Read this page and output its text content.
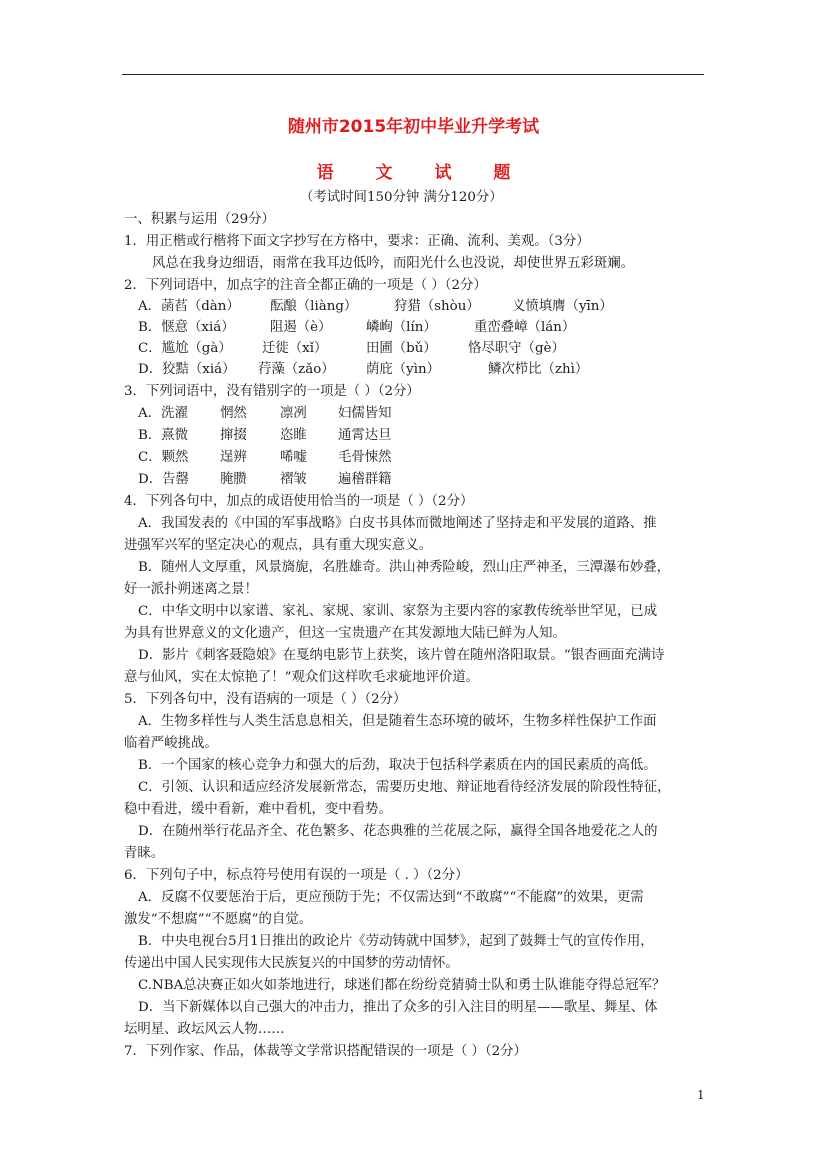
随州市2015年初中毕业升学考试
语 文 试 题
（考试时间150分钟 满分120分）
一、积累与运用（29分）
1．用正楷或行楷将下面文字抄写在方格中，要求：正确、流利、美观。（3分）
风总在我身边细语，雨常在我耳边低吟，而阳光什么也没说，却使世界五彩斑斓。
2．下列词语中，加点字的注音全都正确的一项是（ ）（2分）
A．菡萏（dàn） 酝酿（liàng）	狩猎（shòu） 义愤填膺（yīn）
B．惬意（xiá）	阻遏（è）	嶙峋（lín）	重峦叠嶂（lán）
C．尴尬（gà） 迁徙（xǐ）	田圃（bǔ） 恪尽职守（gè）
D．狡黠（xiá） 荇藻（zǎo） 荫庇（yìn）	鳞次栉比（zhì）
3．下列词语中，没有错别字的一项是（ ）（2分）
A．洗濯 惘然 凛冽 妇儒皆知
B．熹微 撺掇 恣睢 通霄达旦
C．颗然 逞辨 唏嘘 毛骨悚然
D．告罄 腌臜 褶皱 遍稽群籍
4．下列各句中，加点的成语使用恰当的一项是（ ）（2分）
A．我国发表的《中国的军事战略》白皮书具体而微地阐述了坚持走和平发展的道路、推
进强军兴军的坚定决心的观点，具有重大现实意义。
B．随州人文厚重，风景旖旎，名胜雄奇。洪山神秀险峻，烈山庄严神圣，三潭瀑布妙叠，
好一派扑朔迷离之景！
C．中华文明中以家谱、家礼、家规、家训、家祭为主要内容的家教传统举世罕见，已成
为具有世界意义的文化遗产，但这一宝贵遗产在其发源地大陆已鲜为人知。
D．影片《刺客聂隐娘》在戛纳电影节上获奖，该片曾在随州洛阳取景。“银杏画面充满诗
意与仙风，实在太惊艳了！”观众们这样吹毛求疵地评价道。
5．下列各句中，没有语病的一项是（ ）（2分）
A．生物多样性与人类生活息息相关，但是随着生态环境的破坏，生物多样性保护工作面
临着严峻挑战。
B．一个国家的核心竞争力和强大的后劲，取决于包括科学素质在内的国民素质的高低。
C．引领、认识和适应经济发展新常态，需要历史地、辩证地看待经济发展的阶段性特征，
稳中看进，缓中看新，难中看机，变中看势。
D．在随州举行花品齐全、花色繁多、花态典雅的兰花展之际，赢得全国各地爱花之人的
青睐。
6．下列句子中，标点符号使用有误的一项是（ . ）（2分）
A．反腐不仅要惩治于后，更应预防于先；不仅需达到“不敢腐”“不能腐”的效果，更需
激发“不想腐”“不愿腐”的自觉。
B．中央电视台5月1日推出的政论片《劳动铸就中国梦》，起到了鼓舞士气的宣传作用，
传递出中国人民实现伟大民族复兴的中国梦的劳动情怀。
C.NBA总决赛正如火如荼地进行，球迷们都在纷纷竞猜骑士队和勇士队谁能夺得总冠军？
D．当下新媒体以自己强大的冲击力，推出了众多的引入注目的明星——歌星、舞星、体
坛明星、政坛风云人物……
7．下列作家、作品，体裁等文学常识搭配错误的一项是（ ）（2分）
1
